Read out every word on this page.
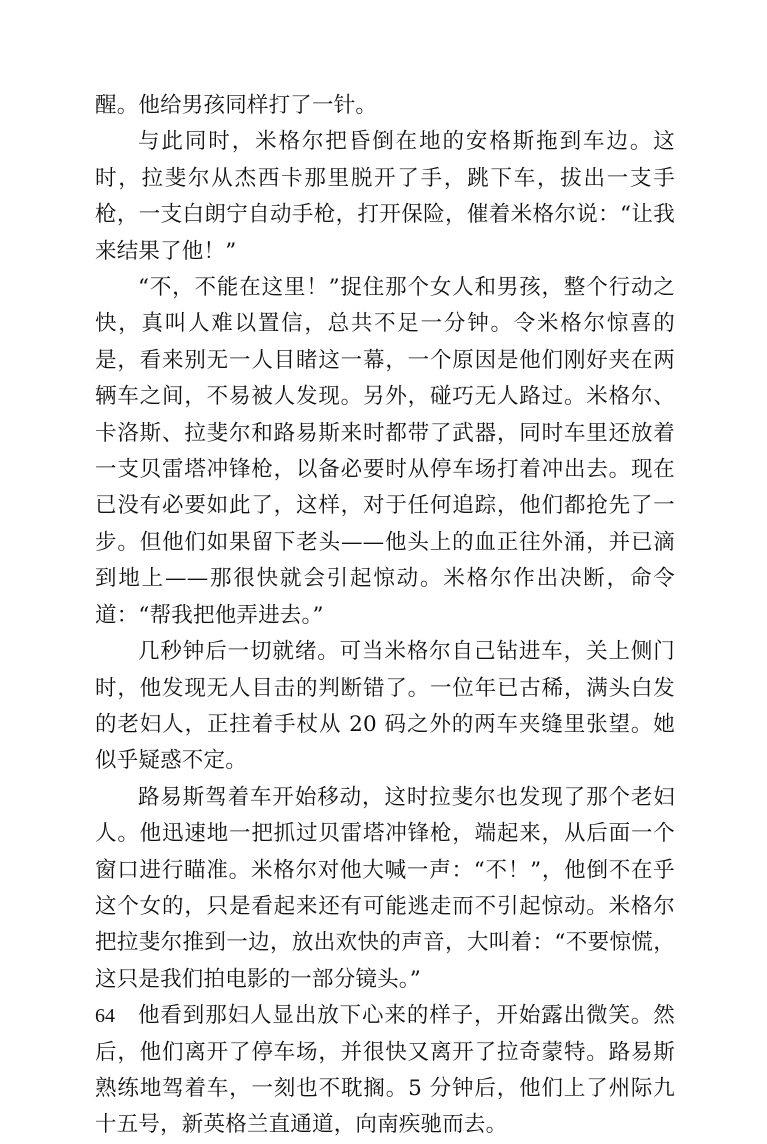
醒。他给男孩同样打了一针。

与此同时，米格尔把昏倒在地的安格斯拖到车边。这时，拉斐尔从杰西卡那里脱开了手，跳下车，拔出一支手枪，一支白朗宁自动手枪，打开保险，催着米格尔说：“让我来结果了他！”

“不，不能在这里！”捉住那个女人和男孩，整个行动之快，真叫人难以置信，总共不足一分钟。令米格尔惊喜的是，看来别无一人目睹这一幕，一个原因是他们刚好夹在两辆车之间，不易被人发现。另外，碰巧无人路过。米格尔、卡洛斯、拉斐尔和路易斯来时都带了武器，同时车里还放着一支贝雷塔冲锋枪，以备必要时从停车场打着冲出去。现在已没有必要如此了，这样，对于任何追踪，他们都抢先了一步。但他们如果留下老头——他头上的血正往外涌，并已滴到地上——那很快就会引起惊动。米格尔作出决断，命令道：“帮我把他弄进去。”

几秒钟后一切就绪。可当米格尔自己钻进车，关上侧门时，他发现无人目击的判断错了。一位年已古稀，满头白发的老妇人，正拄着手杖从 20 码之外的两车夹缝里张望。她似乎疑惑不定。

路易斯驾着车开始移动，这时拉斐尔也发现了那个老妇人。他迅速地一把抓过贝雷塔冲锋枪，端起来，从后面一个窗口进行瞄准。米格尔对他大喊一声：“不！”，他倒不在乎这个女的，只是看起来还有可能逃走而不引起惊动。米格尔把拉斐尔推到一边，放出欢快的声音，大叫着：“不要惊慌，这只是我们拍电影的一部分镜头。”

他看到那妇人显出放下心来的样子，开始露出微笑。然后，他们离开了停车场，并很快又离开了拉奇蒙特。路易斯熟练地驾着车，一刻也不耽搁。5 分钟后，他们上了州际九十五号，新英格兰直通道，向南疾驰而去。

64
